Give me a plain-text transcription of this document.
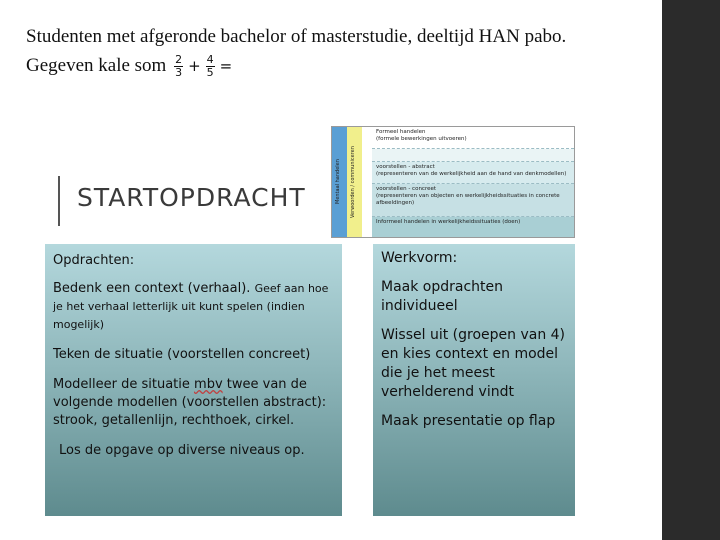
Studenten met afgeronde bachelor of masterstudie, deeltijd HAN pabo.
Gegeven kale som $\frac{2}{3} + \frac{4}{5}$ =
STARTOPDRACHT	Mentaal handelen Verwoorden / communiceren
Formeel handelen
(formele bewerkingen uitvoeren)
voorstellen - abstract
(representeren van de werkelijkheid aan de hand van denkmodellen)
voorstellen - concreet
(representeren van objecten en werkelijkheidssituaties in concrete afbeeldingen)
Informeel handelen in werkelijkheidssituaties (doen)
Opdrachten:
Bedenk een context (verhaal). Geef aan hoe je het verhaal letterlijk uit kunt spelen (indien mogelijk)
Teken de situatie (voorstellen concreet)
Modelleer de situatie mbv twee van de volgende modellen (voorstellen abstract): strook, getallenlijn, rechthoek, cirkel.
Los de opgave op diverse niveaus op.
Werkvorm:
Maak opdrachten individueel
Wissel uit (groepen van 4) en kies context en model die je het meest verhelderend vindt
Maak presentatie op flap
